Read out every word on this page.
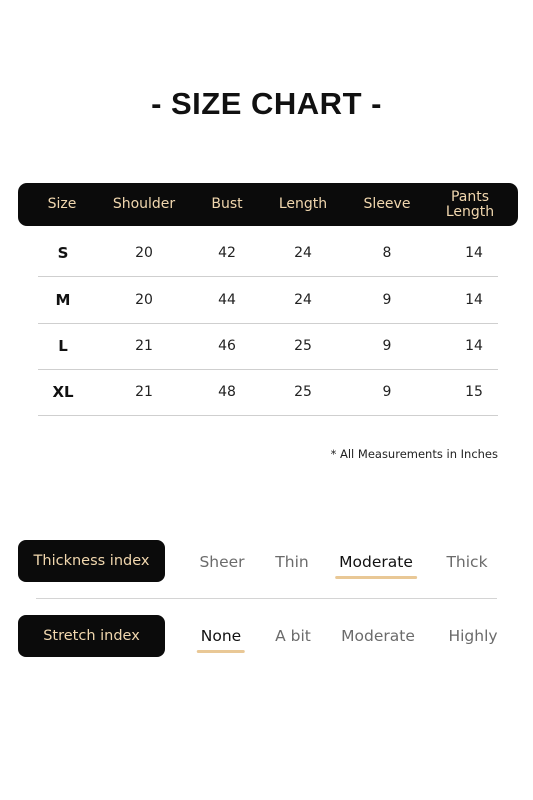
- SIZE CHART -
Size	Shoulder	Bust	Length	Sleeve	Pants Length
S	20	42	24	8	14
M	20	44	24	9	14
L	21	46	25	9	14
XL	21	48	25	9	15
* All Measurements in Inches
Thickness index	Sheer Thin Moderate Thick
Stretch index	None A bit Moderate Highly
